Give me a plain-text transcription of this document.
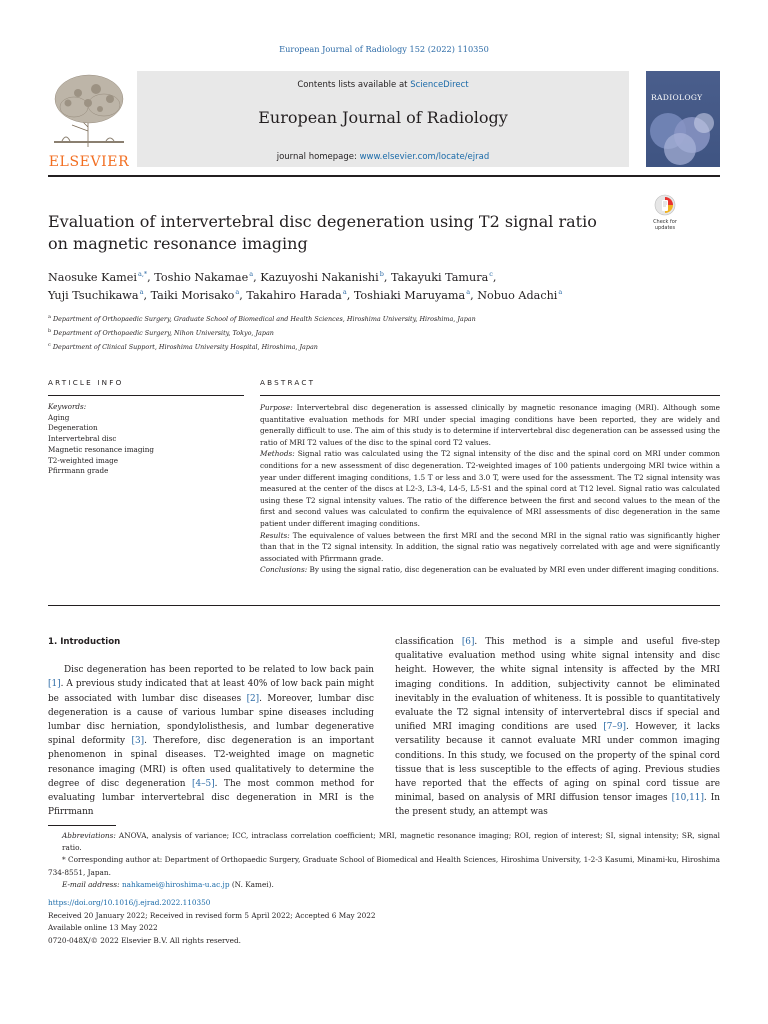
European Journal of Radiology 152 (2022) 110350
ELSEVIER
Contents lists available at ScienceDirect
European Journal of Radiology
journal homepage: www.elsevier.com/locate/ejrad
RADIOLOGY
Evaluation of intervertebral disc degeneration using T2 signal ratio on magnetic resonance imaging
Check for
updates
Naosuke Kamei$^{a,*}$, Toshio Nakamae$^a$, Kazuyoshi Nakanishi$^b$, Takayuki Tamura$^c$,
Yuji Tsuchikawa$^a$, Taiki Morisako$^a$, Takahiro Harada$^a$, Toshiaki Maruyama$^a$, Nobuo Adachi$^a$
$^a$ Department of Orthopaedic Surgery, Graduate School of Biomedical and Health Sciences, Hiroshima University, Hiroshima, Japan
$^b$ Department of Orthopaedic Surgery, Nihon University, Tokyo, Japan
$^c$ Department of Clinical Support, Hiroshima University Hospital, Hiroshima, Japan
ARTICLE INFO	ABSTRACT
Keywords:
Aging
Degeneration
Intervertebral disc
Magnetic resonance imaging
T2-weighted image
Pfirrmann grade

Purpose: Intervertebral disc degeneration is assessed clinically by magnetic resonance imaging (MRI). Although some quantitative evaluation methods for MRI under special imaging conditions have been reported, they are widely and generally difficult to use. The aim of this study is to determine if intervertebral disc degeneration can be assessed using the ratio of MRI T2 values of the disc to the spinal cord T2 values.

Methods: Signal ratio was calculated using the T2 signal intensity of the disc and the spinal cord on MRI under common conditions for a new assessment of disc degeneration. T2-weighted images of 100 patients undergoing MRI twice within a year under different imaging conditions, 1.5 T or less and 3.0 T, were used for the assessment. The T2 signal intensity was measured at the center of the discs at L2-3, L3-4, L4-5, L5-S1 and the spinal cord at T12 level. Signal ratio was calculated using these T2 signal intensity values. The ratio of the difference between the first and second values to the mean of the first and second values was calculated to confirm the equivalence of MRI assessments of disc degeneration in the same patient under different imaging conditions.

Results: The equivalence of values between the first MRI and the second MRI in the signal ratio was significantly higher than that in the T2 signal intensity. In addition, the signal ratio was negatively correlated with age and were significantly associated with Pfirrmann grade.

Conclusions: By using the signal ratio, disc degeneration can be evaluated by MRI even under different imaging conditions.

1. Introduction

Disc degeneration has been reported to be related to low back pain [1]. A previous study indicated that at least 40% of low back pain might be associated with lumbar disc diseases [2]. Moreover, lumbar disc degeneration is a cause of various lumbar spine diseases including lumbar disc herniation, spondylolisthesis, and lumbar degenerative spinal deformity [3]. Therefore, disc degeneration is an important phenomenon in spinal diseases. T2-weighted image on magnetic resonance imaging (MRI) is often used qualitatively to determine the degree of disc degeneration [4–5]. The most common method for evaluating lumbar intervertebral disc degeneration in MRI is the Pfirrmann

classification [6]. This method is a simple and useful five-step qualitative evaluation method using white signal intensity and disc height. However, the white signal intensity is affected by the MRI imaging conditions. In addition, subjectivity cannot be eliminated inevitably in the evaluation of whiteness. It is possible to quantitatively evaluate the T2 signal intensity of intervertebral discs if special and unified MRI imaging conditions are used [7–9]. However, it lacks versatility because it cannot evaluate MRI under common imaging conditions. In this study, we focused on the property of the spinal cord tissue that is less susceptible to the effects of aging. Previous studies have reported that the effects of aging on spinal cord tissue are minimal, based on analysis of MRI diffusion tensor images [10,11]. In the present study, an attempt was

Abbreviations: ANOVA, analysis of variance; ICC, intraclass correlation coefficient; MRI, magnetic resonance imaging; ROI, region of interest; SI, signal intensity; SR, signal ratio.

* Corresponding author at: Department of Orthopaedic Surgery, Graduate School of Biomedical and Health Sciences, Hiroshima University, 1-2-3 Kasumi, Minami-ku, Hiroshima 734-8551, Japan.

E-mail address: nahkamei@hiroshima-u.ac.jp (N. Kamei).

https://doi.org/10.1016/j.ejrad.2022.110350

Received 20 January 2022; Received in revised form 5 April 2022; Accepted 6 May 2022

Available online 13 May 2022

0720-048X/© 2022 Elsevier B.V. All rights reserved.
